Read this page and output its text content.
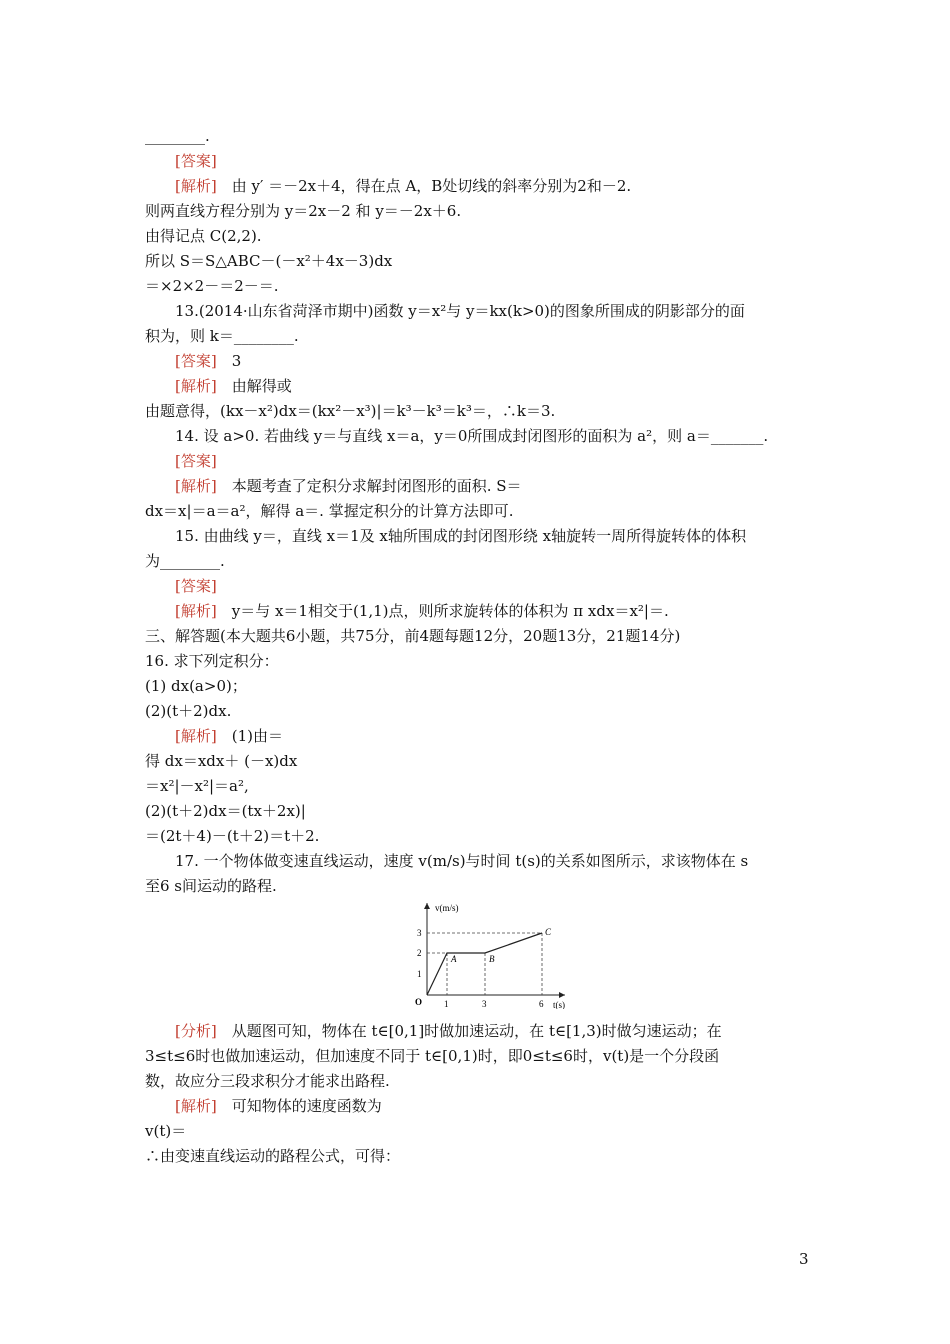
________.
[答案]
[解析]　由 y′ ＝－2x＋4，得在点 A，B处切线的斜率分别为2和－2.
则两直线方程分别为 y＝2x－2 和 y＝－2x＋6.
由得记点 C(2,2).
所以 S＝S△ABC－(－x²＋4x－3)dx
＝×2×2－＝2－＝.
13.(2014·山东省菏泽市期中)函数 y＝x²与 y＝kx(k>0)的图象所围成的阴影部分的面
积为，则 k＝________.
[答案]　3
[解析]　由解得或
由题意得，(kx－x²)dx＝(kx²－x³)|＝k³－k³＝k³＝，∴k＝3.
14. 设 a>0. 若曲线 y＝与直线 x＝a，y＝0所围成封闭图形的面积为 a²，则 a＝_______.
[答案]
[解析]　本题考查了定积分求解封闭图形的面积. S＝
dx＝x|＝a＝a²，解得 a＝. 掌握定积分的计算方法即可.
15. 由曲线 y＝，直线 x＝1及 x轴所围成的封闭图形绕 x轴旋转一周所得旋转体的体积
为________.
[答案]
[解析]　y＝与 x＝1相交于(1,1)点，则所求旋转体的体积为 π xdx＝x²|＝.
三、解答题(本大题共6小题，共75分，前4题每题12分，20题13分，21题14分)
16. 求下列定积分：
(1) dx(a>0)；
(2)(t＋2)dx.
[解析]　(1)由＝
得 dx＝xdx＋ (－x)dx
＝x²|－x²|＝a²,
(2)(t＋2)dx＝(tx＋2x)|
＝(2t＋4)－(t＋2)＝t＋2.
17. 一个物体做变速直线运动，速度 v(m/s)与时间 t(s)的关系如图所示，求该物体在 s
至6 s间运动的路程.
[分析]　从题图可知，物体在 t∈[0,1]时做加速运动，在 t∈[1,3)时做匀速运动；在
3≤t≤6时也做加速运动，但加速度不同于 t∈[0,1)时，即0≤t≤6时，v(t)是一个分段函
数，故应分三段求积分才能求出路程.
[解析]　可知物体的速度函数为
v(t)＝
∴由变速直线运动的路程公式，可得：
v(m/s)
t(s)
O
1
2
3
1	3	6
A	B
C
3
